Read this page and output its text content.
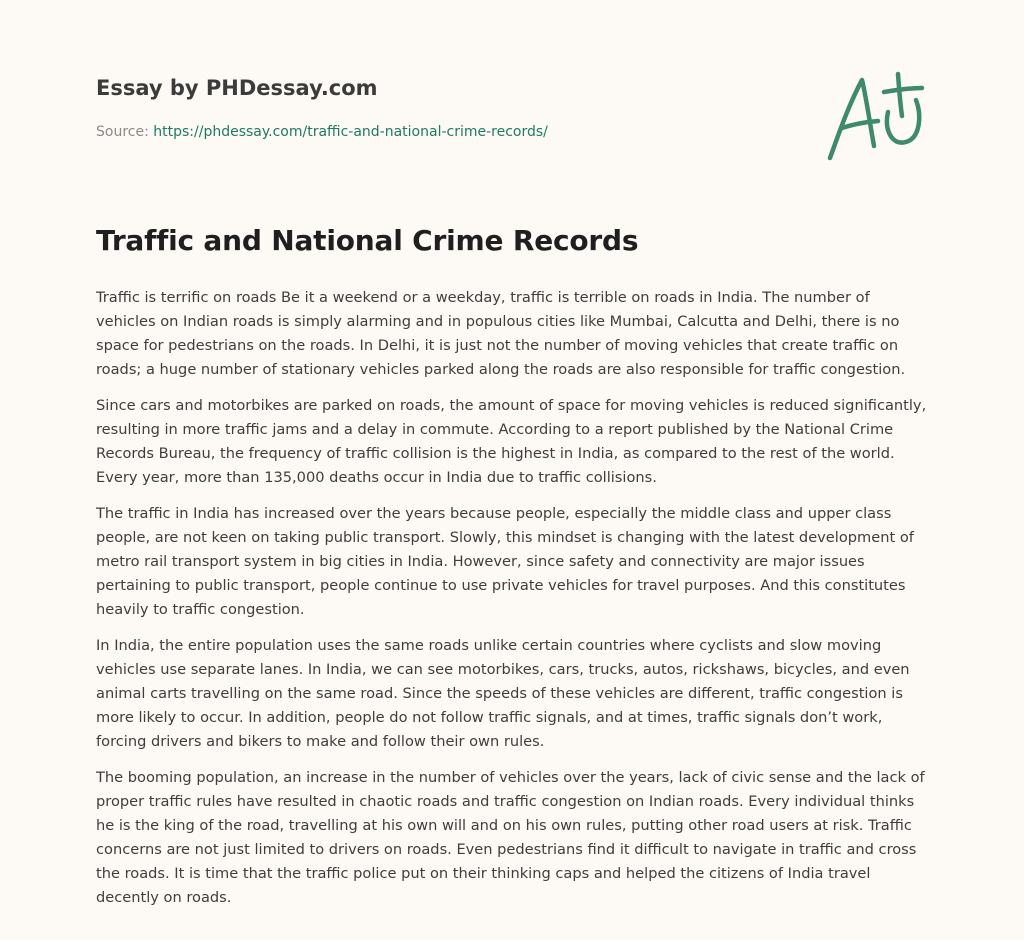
Essay by PHDessay.com
Source: https://phdessay.com/traffic-and-national-crime-records/
Traffic and National Crime Records

Traffic is terrific on roads Be it a weekend or a weekday, traffic is terrible on roads in India. The number of vehicles on Indian roads is simply alarming and in populous cities like Mumbai, Calcutta and Delhi, there is no space for pedestrians on the roads. In Delhi, it is just not the number of moving vehicles that create traffic on roads; a huge number of stationary vehicles parked along the roads are also responsible for traffic congestion.

Since cars and motorbikes are parked on roads, the amount of space for moving vehicles is reduced significantly, resulting in more traffic jams and a delay in commute. According to a report published by the National Crime Records Bureau, the frequency of traffic collision is the highest in India, as compared to the rest of the world. Every year, more than 135,000 deaths occur in India due to traffic collisions.

The traffic in India has increased over the years because people, especially the middle class and upper class people, are not keen on taking public transport. Slowly, this mindset is changing with the latest development of metro rail transport system in big cities in India. However, since safety and connectivity are major issues pertaining to public transport, people continue to use private vehicles for travel purposes. And this constitutes heavily to traffic congestion.

In India, the entire population uses the same roads unlike certain countries where cyclists and slow moving vehicles use separate lanes. In India, we can see motorbikes, cars, trucks, autos, rickshaws, bicycles, and even animal carts travelling on the same road. Since the speeds of these vehicles are different, traffic congestion is more likely to occur. In addition, people do not follow traffic signals, and at times, traffic signals don’t work, forcing drivers and bikers to make and follow their own rules.

The booming population, an increase in the number of vehicles over the years, lack of civic sense and the lack of proper traffic rules have resulted in chaotic roads and traffic congestion on Indian roads. Every individual thinks he is the king of the road, travelling at his own will and on his own rules, putting other road users at risk. Traffic concerns are not just limited to drivers on roads. Even pedestrians find it difficult to navigate in traffic and cross the roads. It is time that the traffic police put on their thinking caps and helped the citizens of India travel decently on roads.
